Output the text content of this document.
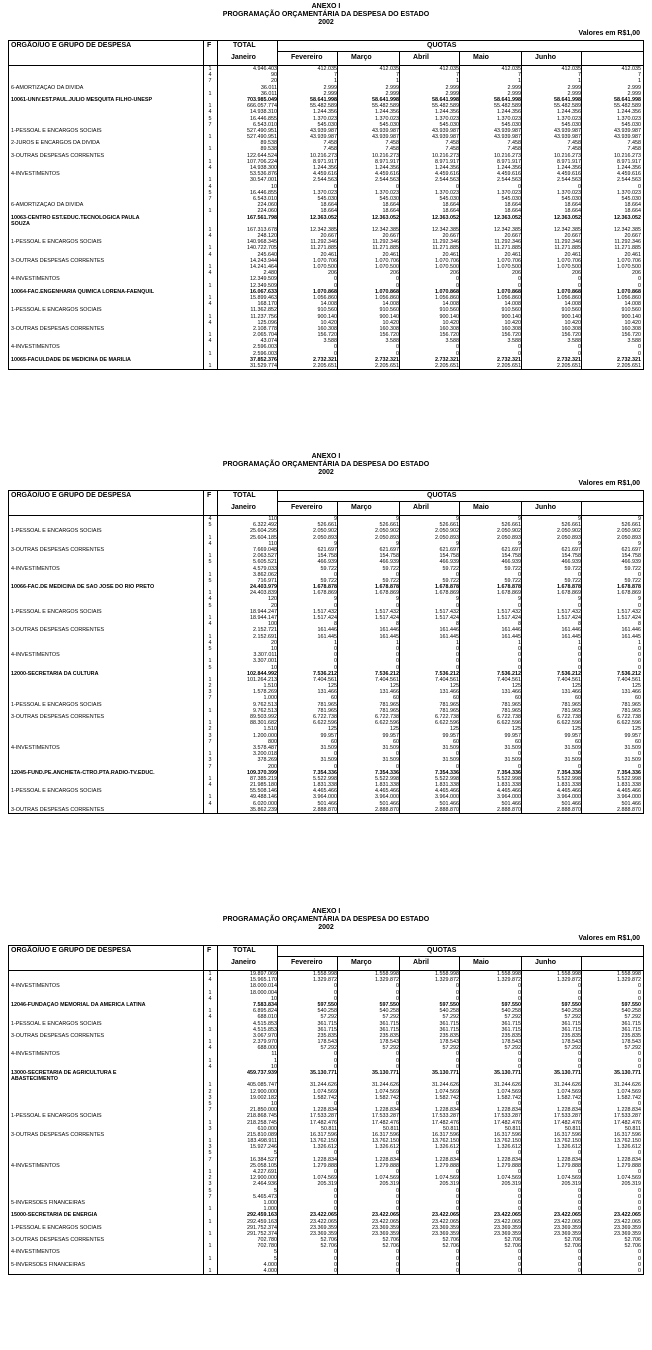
ANEXO I
PROGRAMAÇÃO ORÇAMENTÁRIA DA DESPESA DO ESTADO
2002
Valores em R$1,00
ORGÃO/UO E GRUPO DE DESPESA	F	TOTAL	QUOTAS
Janeiro	Fevereiro	Março	Abril	Maio	Junho
1	4.946.403	412.035	412.035	412.035	412.035	412.035	412.035
4	90	7	7	7	7	7	7
7	20	1	1	1	1	1	1
6-AMORTIZAÇÃO DA DÍVIDA	36.011	2.999	2.999	2.999	2.999	2.999	2.999
1	36.011	2.999	2.999	2.999	2.999	2.999	2.999
10061-UNIV.EST.PAUL.JÚLIO MESQUITA FILHO-UNESP	703.985.049	58.641.998	58.641.998	58.641.998	58.641.998	58.641.998	58.641.998
1	666.057.774	55.482.589	55.482.589	55.482.589	55.482.589	55.482.589	55.482.589
4	14.938.310	1.244.356	1.244.356	1.244.356	1.244.356	1.244.356	1.244.356
5	16.446.855	1.370.023	1.370.023	1.370.023	1.370.023	1.370.023	1.370.023
7	6.543.010	545.030	545.030	545.030	545.030	545.030	545.030
1-PESSOAL E ENCARGOS SOCIAIS	527.490.951	43.939.987	43.939.987	43.939.987	43.939.987	43.939.987	43.939.987
1	527.490.951	43.939.987	43.939.987	43.939.987	43.939.987	43.939.987	43.939.987
2-JUROS E ENCARGOS DA DÍVIDA	89.538	7.458	7.458	7.458	7.458	7.458	7.458
1	89.538	7.458	7.458	7.458	7.458	7.458	7.458
3-OUTRAS DESPESAS CORRENTES	122.644.524	10.216.273	10.216.273	10.216.273	10.216.273	10.216.273	10.216.273
1	107.706.224	8.971.917	8.971.917	8.971.917	8.971.917	8.971.917	8.971.917
4	14.938.300	1.244.356	1.244.356	1.244.356	1.244.356	1.244.356	1.244.356
4-INVESTIMENTOS	53.536.876	4.459.616	4.459.616	4.459.616	4.459.616	4.459.616	4.459.616
1	30.547.001	2.544.563	2.544.563	2.544.563	2.544.563	2.544.563	2.544.563
4	10	0	0	0	0	0	0
5	16.446.855	1.370.023	1.370.023	1.370.023	1.370.023	1.370.023	1.370.023
7	6.543.010	545.030	545.030	545.030	545.030	545.030	545.030
6-AMORTIZAÇÃO DA DÍVIDA	224.060	18.664	18.664	18.664	18.664	18.664	18.664
1	224.060	18.664	18.664	18.664	18.664	18.664	18.664
10063-CENTRO EST.EDUC.TECNOLÓGICA PAULA	167.561.798	12.363.052	12.363.052	12.363.052	12.363.052	12.363.052	12.363.052
SOUZA
1	167.313.678	12.342.385	12.342.385	12.342.385	12.342.385	12.342.385	12.342.385
4	248.120	20.667	20.667	20.667	20.667	20.667	20.667
1-PESSOAL E ENCARGOS SOCIAIS	140.968.345	11.292.346	11.292.346	11.292.346	11.292.346	11.292.346	11.292.346
1	140.722.705	11.271.885	11.271.885	11.271.885	11.271.885	11.271.885	11.271.885
4	245.640	20.461	20.461	20.461	20.461	20.461	20.461
3-OUTRAS DESPESAS CORRENTES	14.243.944	1.070.706	1.070.706	1.070.706	1.070.706	1.070.706	1.070.706
1	14.241.464	1.070.500	1.070.500	1.070.500	1.070.500	1.070.500	1.070.500
4	2.480	206	206	206	206	206	206
4-INVESTIMENTOS	12.349.509	0	0	0	0	0	0
1	12.349.509	0	0	0	0	0	0
10064-FAC.ENGENHARIA QUÍMICA LORENA-FAENQUIL	16.067.633	1.070.868	1.070.868	1.070.868	1.070.868	1.070.868	1.070.868
1	15.899.463	1.056.860	1.056.860	1.056.860	1.056.860	1.056.860	1.056.860
4	168.170	14.008	14.008	14.008	14.008	14.008	14.008
1-PESSOAL E ENCARGOS SOCIAIS	11.362.852	910.560	910.560	910.560	910.560	910.560	910.560
1	11.237.756	900.140	900.140	900.140	900.140	900.140	900.140
4	125.096	10.420	10.420	10.420	10.420	10.420	10.420
3-OUTRAS DESPESAS CORRENTES	2.108.778	160.308	160.308	160.308	160.308	160.308	160.308
1	2.065.704	156.720	156.720	156.720	156.720	156.720	156.720
4	43.074	3.588	3.588	3.588	3.588	3.588	3.588
4-INVESTIMENTOS	2.596.003	0	0	0	0	0	0
1	2.596.003	0	0	0	0	0	0
10065-FACULDADE DE MEDICINA DE MARÍLIA	37.852.376	2.732.321	2.732.321	2.732.321	2.732.321	2.732.321	2.732.321
1	31.529.774	2.205.651	2.205.651	2.205.651	2.205.651	2.205.651	2.205.651
ANEXO I
PROGRAMAÇÃO ORÇAMENTÁRIA DA DESPESA DO ESTADO
2002
Valores em R$1,00
ORGÃO/UO E GRUPO DE DESPESA	F	TOTAL	QUOTAS
Janeiro	Fevereiro	Março	Abril	Maio	Junho
4	110	9	9	9	9	9	9
5	6.322.492	526.661	526.661	526.661	526.661	526.661	526.661
1-PESSOAL E ENCARGOS SOCIAIS	25.604.295	2.050.902	2.050.902	2.050.902	2.050.902	2.050.902	2.050.902
1	25.604.185	2.050.893	2.050.893	2.050.893	2.050.893	2.050.893	2.050.893
4	110	9	9	9	9	9	9
3-OUTRAS DESPESAS CORRENTES	7.669.048	621.697	621.697	621.697	621.697	621.697	621.697
1	2.063.527	154.758	154.758	154.758	154.758	154.758	154.758
5	5.605.521	466.939	466.939	466.939	466.939	466.939	466.939
4-INVESTIMENTOS	4.579.033	59.722	59.722	59.722	59.722	59.722	59.722
1	3.862.062	0	0	0	0	0	0
5	716.971	59.722	59.722	59.722	59.722	59.722	59.722
10066-FAC.DE MEDICINA DE SÃO JOSÉ DO RIO PRETO	24.403.979	1.678.878	1.678.878	1.678.878	1.678.878	1.678.878	1.678.878
1	24.403.839	1.678.869	1.678.869	1.678.869	1.678.869	1.678.869	1.678.869
4	120	9	9	9	9	9	9
5	20	0	0	0	0	0	0
1-PESSOAL E ENCARGOS SOCIAIS	18.944.247	1.517.432	1.517.432	1.517.432	1.517.432	1.517.432	1.517.432
1	18.944.147	1.517.424	1.517.424	1.517.424	1.517.424	1.517.424	1.517.424
4	100	8	8	8	8	8	8
3-OUTRAS DESPESAS CORRENTES	2.152.721	161.446	161.446	161.446	161.446	161.446	161.446
1	2.152.691	161.445	161.445	161.445	161.445	161.445	161.445
4	20	1	1	1	1	1	1
5	10	0	0	0	0	0	0
4-INVESTIMENTOS	3.307.011	0	0	0	0	0	0
1	3.307.001	0	0	0	0	0	0
5	10	0	0	0	0	0	0
12000-SECRETARIA DA CULTURA	102.844.992	7.536.212	7.536.212	7.536.212	7.536.212	7.536.212	7.536.212
1	101.264.213	7.404.561	7.404.561	7.404.561	7.404.561	7.404.561	7.404.561
2	1.510	125	125	125	125	125	125
3	1.578.269	131.466	131.466	131.466	131.466	131.466	131.466
7	1.000	60	60	60	60	60	60
1-PESSOAL E ENCARGOS SOCIAIS	9.762.513	781.965	781.965	781.965	781.965	781.965	781.965
1	9.762.513	781.965	781.965	781.965	781.965	781.965	781.965
3-OUTRAS DESPESAS CORRENTES	89.503.992	6.722.738	6.722.738	6.722.738	6.722.738	6.722.738	6.722.738
1	88.301.682	6.622.596	6.622.596	6.622.596	6.622.596	6.622.596	6.622.596
2	1.510	125	125	125	125	125	125
3	1.200.000	99.957	99.957	99.957	99.957	99.957	99.957
7	800	60	60	60	60	60	60
4-INVESTIMENTOS	3.578.487	31.509	31.509	31.509	31.509	31.509	31.509
1	3.200.018	0	0	0	0	0	0
3	378.269	31.509	31.509	31.509	31.509	31.509	31.509
7	200	0	0	0	0	0	0
12045-FUND.PE.ANCHIETA-CTRO.PTA.RÁDIO-TV.EDUC.	109.370.399	7.354.336	7.354.336	7.354.336	7.354.336	7.354.336	7.354.336
1	87.385.219	5.522.998	5.522.998	5.522.998	5.522.998	5.522.998	5.522.998
4	21.985.180	1.831.338	1.831.338	1.831.338	1.831.338	1.831.338	1.831.338
1-PESSOAL E ENCARGOS SOCIAIS	55.508.146	4.465.466	4.465.466	4.465.466	4.465.466	4.465.466	4.465.466
1	49.488.146	3.964.000	3.964.000	3.964.000	3.964.000	3.964.000	3.964.000
4	6.020.000	501.466	501.466	501.466	501.466	501.466	501.466
3-OUTRAS DESPESAS CORRENTES	35.862.239	2.888.870	2.888.870	2.888.870	2.888.870	2.888.870	2.888.870
ANEXO I
PROGRAMAÇÃO ORÇAMENTÁRIA DA DESPESA DO ESTADO
2002
Valores em R$1,00
ORGÃO/UO E GRUPO DE DESPESA	F	TOTAL	QUOTAS
Janeiro	Fevereiro	Março	Abril	Maio	Junho
1	19.897.069	1.558.998	1.558.998	1.558.998	1.558.998	1.558.998	1.558.998
4	15.965.170	1.329.872	1.329.872	1.329.872	1.329.872	1.329.872	1.329.872
4-INVESTIMENTOS	18.000.014	0	0	0	0	0	0
1	18.000.004	0	0	0	0	0	0
4	10	0	0	0	0	0	0
12046-FUNDAÇÃO MEMORIAL DA AMÉRICA LATINA	7.583.834	597.550	597.550	597.550	597.550	597.550	597.550
1	6.895.824	540.258	540.258	540.258	540.258	540.258	540.258
4	688.010	57.292	57.292	57.292	57.292	57.292	57.292
1-PESSOAL E ENCARGOS SOCIAIS	4.515.853	361.715	361.715	361.715	361.715	361.715	361.715
1	4.515.853	361.715	361.715	361.715	361.715	361.715	361.715
3-OUTRAS DESPESAS CORRENTES	3.067.970	235.835	235.835	235.835	235.835	235.835	235.835
1	2.379.970	178.543	178.543	178.543	178.543	178.543	178.543
4	688.000	57.292	57.292	57.292	57.292	57.292	57.292
4-INVESTIMENTOS	11	0	0	0	0	0	0
1	1	0	0	0	0	0	0
4	10	0	0	0	0	0	0
13000-SECRETARIA DE AGRICULTURA E	459.737.939	35.130.771	35.130.771	35.130.771	35.130.771	35.130.771	35.130.771
ABASTECIMENTO
1	405.085.747	31.244.626	31.244.626	31.244.626	31.244.626	31.244.626	31.244.626
2	12.900.000	1.074.569	1.074.569	1.074.569	1.074.569	1.074.569	1.074.569
3	19.002.182	1.582.742	1.582.742	1.582.742	1.582.742	1.582.742	1.582.742
5	10	0	0	0	0	0	0
7	21.850.000	1.228.834	1.228.834	1.228.834	1.228.834	1.228.834	1.228.834
1-PESSOAL E ENCARGOS SOCIAIS	218.868.745	17.533.287	17.533.287	17.533.287	17.533.287	17.533.287	17.533.287
1	218.258.745	17.482.476	17.482.476	17.482.476	17.482.476	17.482.476	17.482.476
3	610.000	50.811	50.811	50.811	50.811	50.811	50.811
3-OUTRAS DESPESAS CORRENTES	215.810.089	16.317.596	16.317.596	16.317.596	16.317.596	16.317.596	16.317.596
1	183.498.911	13.762.150	13.762.150	13.762.150	13.762.150	13.762.150	13.762.150
3	15.927.246	1.326.612	1.326.612	1.326.612	1.326.612	1.326.612	1.326.612
5	5	0	0	0	0	0	0
7	16.384.527	1.228.834	1.228.834	1.228.834	1.228.834	1.228.834	1.228.834
4-INVESTIMENTOS	25.058.105	1.279.888	1.279.888	1.279.888	1.279.888	1.279.888	1.279.888
1	4.227.691	0	0	0	0	0	0
2	12.900.000	1.074.569	1.074.569	1.074.569	1.074.569	1.074.569	1.074.569
3	2.464.936	205.319	205.319	205.319	205.319	205.319	205.319
5	5	0	0	0	0	0	0
7	5.465.473	0	0	0	0	0	0
5-INVERSÕES FINANCEIRAS	1.000	0	0	0	0	0	0
1	1.000	0	0	0	0	0	0
15000-SECRETARIA DE ENERGIA	292.459.163	23.422.065	23.422.065	23.422.065	23.422.065	23.422.065	23.422.065
1	292.459.163	23.422.065	23.422.065	23.422.065	23.422.065	23.422.065	23.422.065
1-PESSOAL E ENCARGOS SOCIAIS	291.752.374	23.369.359	23.369.359	23.369.359	23.369.359	23.369.359	23.369.359
1	291.752.374	23.369.359	23.369.359	23.369.359	23.369.359	23.369.359	23.369.359
3-OUTRAS DESPESAS CORRENTES	702.780	52.706	52.706	52.706	52.706	52.706	52.706
1	702.780	52.706	52.706	52.706	52.706	52.706	52.706
4-INVESTIMENTOS	5	0	0	0	0	0	0
1	5	0	0	0	0	0	0
5-INVERSÕES FINANCEIRAS	4.000	0	0	0	0	0	0
1	4.000	0	0	0	0	0	0
